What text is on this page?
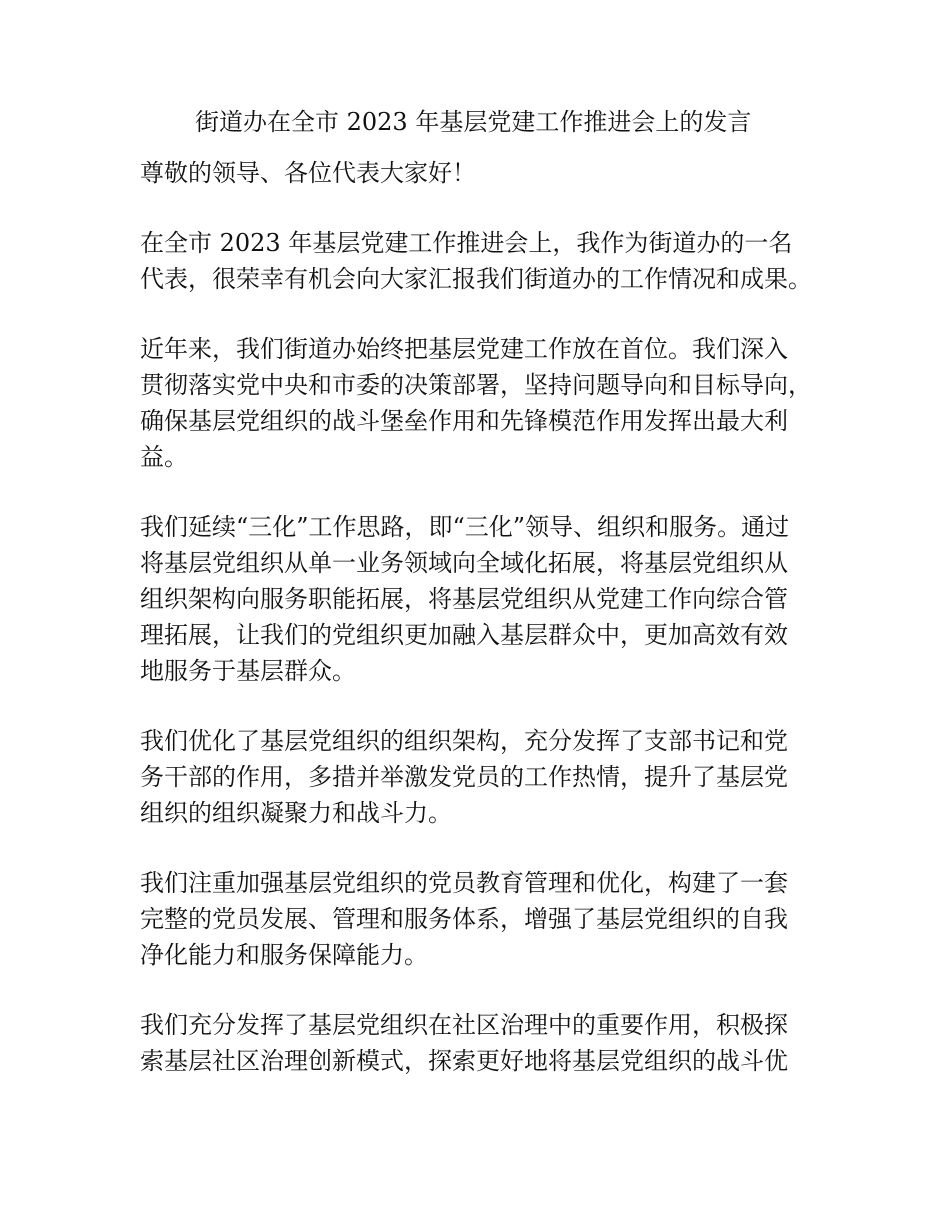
街道办在全市 2023 年基层党建工作推进会上的发言

尊敬的领导、各位代表大家好！

在全市 2023 年基层党建工作推进会上，我作为街道办的一名
代表，很荣幸有机会向大家汇报我们街道办的工作情况和成果。

近年来，我们街道办始终把基层党建工作放在首位。我们深入
贯彻落实党中央和市委的决策部署，坚持问题导向和目标导向，
确保基层党组织的战斗堡垒作用和先锋模范作用发挥出最大利
益。

我们延续“三化”工作思路，即“三化”领导、组织和服务。通过
将基层党组织从单一业务领域向全域化拓展，将基层党组织从
组织架构向服务职能拓展，将基层党组织从党建工作向综合管
理拓展，让我们的党组织更加融入基层群众中，更加高效有效
地服务于基层群众。

我们优化了基层党组织的组织架构，充分发挥了支部书记和党
务干部的作用，多措并举激发党员的工作热情，提升了基层党
组织的组织凝聚力和战斗力。

我们注重加强基层党组织的党员教育管理和优化，构建了一套
完整的党员发展、管理和服务体系，增强了基层党组织的自我
净化能力和服务保障能力。

我们充分发挥了基层党组织在社区治理中的重要作用，积极探
索基层社区治理创新模式，探索更好地将基层党组织的战斗优
